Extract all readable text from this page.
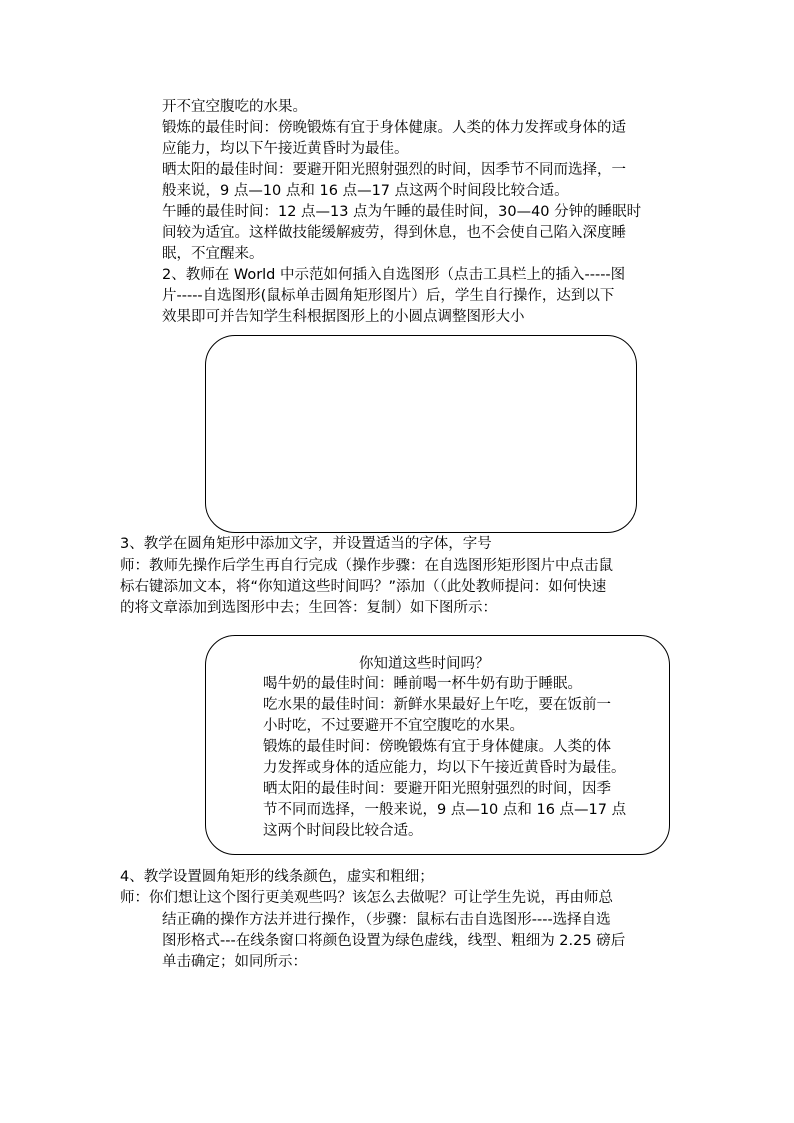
开不宜空腹吃的水果。
锻炼的最佳时间：傍晚锻炼有宜于身体健康。人类的体力发挥或身体的适
应能力，均以下午接近黄昏时为最佳。
晒太阳的最佳时间：要避开阳光照射强烈的时间，因季节不同而选择，一
般来说，9 点—10 点和 16 点—17 点这两个时间段比较合适。
午睡的最佳时间：12 点—13 点为午睡的最佳时间，30—40 分钟的睡眠时
间较为适宜。这样做技能缓解疲劳，得到休息，也不会使自己陷入深度睡
眠，不宜醒来。
2、教师在 World 中示范如何插入自选图形（点击工具栏上的插入-----图
片-----自选图形(鼠标单击圆角矩形图片）后，学生自行操作，达到以下
效果即可并告知学生科根据图形上的小圆点调整图形大小
3、教学在圆角矩形中添加文字，并设置适当的字体，字号
师：教师先操作后学生再自行完成（操作步骤：在自选图形矩形图片中点击鼠
标右键添加文本，将“你知道这些时间吗？”添加（（此处教师提问：如何快速
的将文章添加到选图形中去；生回答：复制）如下图所示：
你知道这些时间吗？
喝牛奶的最佳时间：睡前喝一杯牛奶有助于睡眠。
吃水果的最佳时间：新鲜水果最好上午吃，要在饭前一
小时吃，不过要避开不宜空腹吃的水果。
锻炼的最佳时间：傍晚锻炼有宜于身体健康。人类的体
力发挥或身体的适应能力，均以下午接近黄昏时为最佳。
晒太阳的最佳时间：要避开阳光照射强烈的时间，因季
节不同而选择，一般来说，9 点—10 点和 16 点—17 点
这两个时间段比较合适。
4、教学设置圆角矩形的线条颜色，虚实和粗细；
师：你们想让这个图行更美观些吗？该怎么去做呢？可让学生先说，再由师总
结正确的操作方法并进行操作，（步骤：鼠标右击自选图形----选择自选
图形格式---在线条窗口将颜色设置为绿色虚线，线型、粗细为 2.25 磅后
单击确定；如同所示：
